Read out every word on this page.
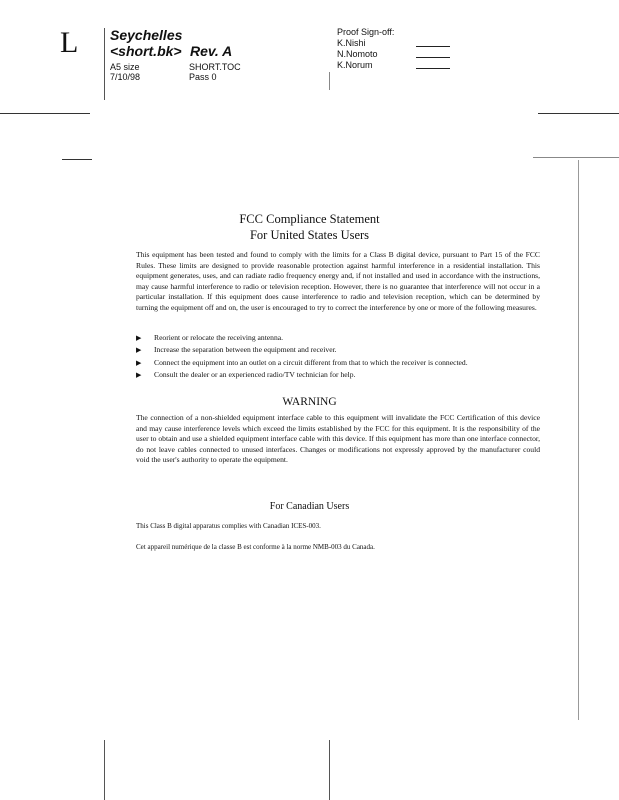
L Seychelles
<short.bk> Rev. A
A5 size
7/10/98
SHORT.TOC
Pass 0
Proof Sign-off:
K.Nishi
N.Nomoto
K.Norum
FCC Compliance Statement
For United States Users
This equipment has been tested and found to comply with the limits for a Class B digital device, pursuant to Part 15 of the FCC Rules. These limits are designed to provide reasonable protection against harmful interference in a residential installation. This equipment generates, uses, and can radiate radio frequency energy and, if not installed and used in accordance with the instructions, may cause harmful interference to radio or television reception. However, there is no guarantee that interference will not occur in a particular installation. If this equipment does cause interference to radio and television reception, which can be determined by turning the equipment off and on, the user is encouraged to try to correct the interference by one or more of the following measures.
▶ Reorient or relocate the receiving antenna.
▶ Increase the separation between the equipment and receiver.
▶ Connect the equipment into an outlet on a circuit different from that to which the receiver is connected.
▶ Consult the dealer or an experienced radio/TV technician for help.
WARNING
The connection of a non-shielded equipment interface cable to this equipment will invalidate the FCC Certification of this device and may cause interference levels which exceed the limits established by the FCC for this equipment. It is the responsibility of the user to obtain and use a shielded equipment interface cable with this device. If this equipment has more than one interface connector, do not leave cables connected to unused interfaces. Changes or modifications not expressly approved by the manufacturer could void the user's authority to operate the equipment.
For Canadian Users
This Class B digital apparatus complies with Canadian ICES-003.
Cet appareil numérique de la classe B est conforme à la norme NMB-003 du Canada.
